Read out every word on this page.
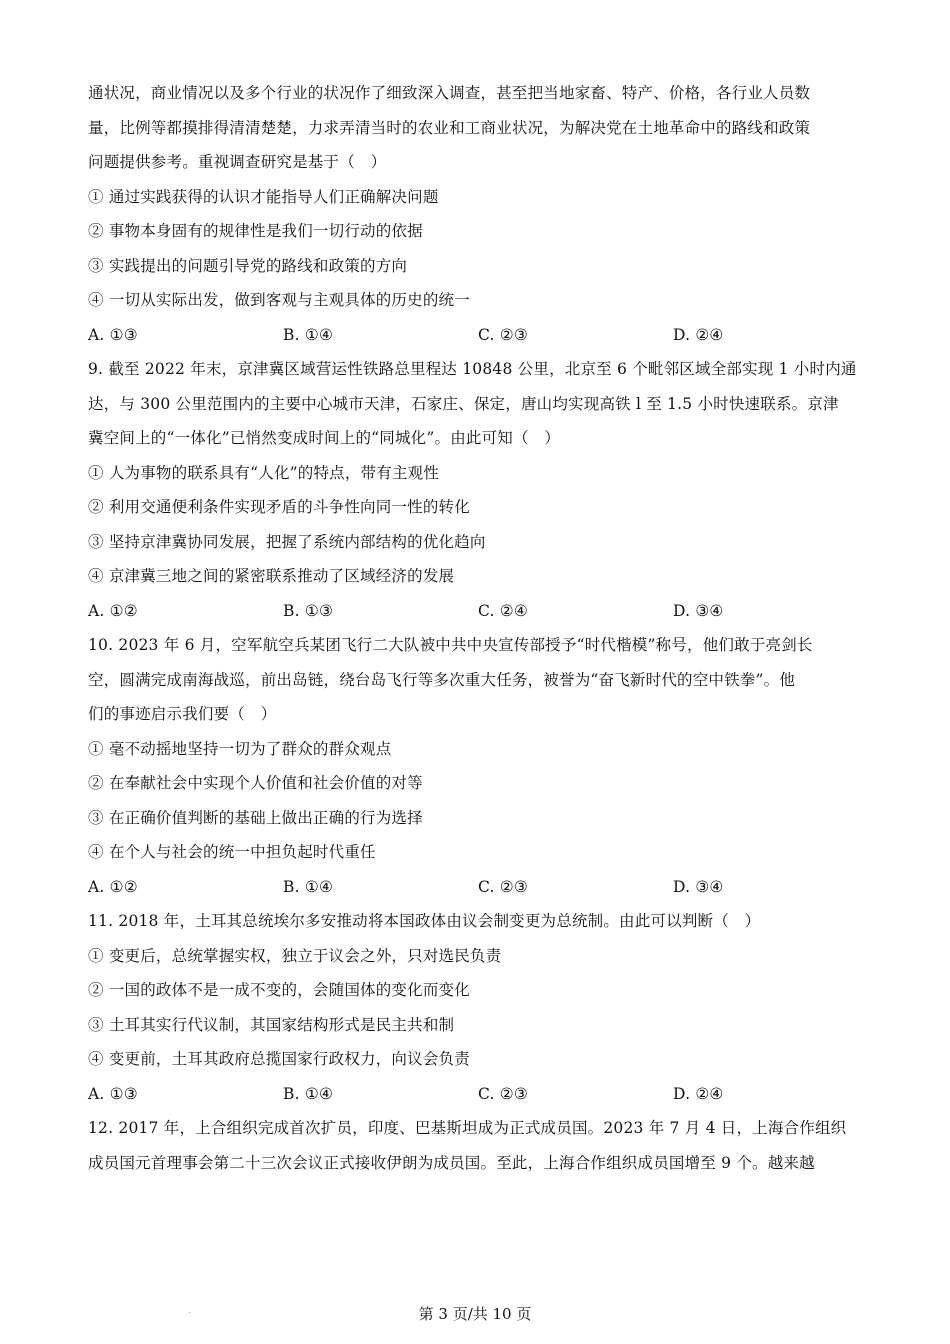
通状况，商业情况以及多个行业的状况作了细致深入调查，甚至把当地家畜、特产、价格，各行业人员数
量，比例等都摸排得清清楚楚，力求弄清当时的农业和工商业状况，为解决党在土地革命中的路线和政策
问题提供参考。重视调查研究是基于（　）
① 通过实践获得的认识才能指导人们正确解决问题
② 事物本身固有的规律性是我们一切行动的依据
③ 实践提出的问题引导党的路线和政策的方向
④ 一切从实际出发，做到客观与主观具体的历史的统一
A. ①③	B. ①④	C. ②③	D. ②④
9. 截至 2022 年末，京津冀区域营运性铁路总里程达 10848 公里，北京至 6 个毗邻区域全部实现 1 小时内通
达，与 300 公里范围内的主要中心城市天津，石家庄、保定，唐山均实现高铁 l 至 1.5 小时快速联系。京津
冀空间上的“一体化”已悄然变成时间上的“同城化”。由此可知（　）
① 人为事物的联系具有“人化”的特点，带有主观性
② 利用交通便利条件实现矛盾的斗争性向同一性的转化
③ 坚持京津冀协同发展，把握了系统内部结构的优化趋向
④ 京津冀三地之间的紧密联系推动了区域经济的发展
A. ①②	B. ①③	C. ②④	D. ③④
10. 2023 年 6 月，空军航空兵某团飞行二大队被中共中央宣传部授予“时代楷模”称号，他们敢于亮剑长
空，圆满完成南海战巡，前出岛链，绕台岛飞行等多次重大任务，被誉为“奋飞新时代的空中铁拳”。他
们的事迹启示我们要（　）
① 毫不动摇地坚持一切为了群众的群众观点
② 在奉献社会中实现个人价值和社会价值的对等
③ 在正确价值判断的基础上做出正确的行为选择
④ 在个人与社会的统一中担负起时代重任
A. ①②	B. ①④	C. ②③	D. ③④
11. 2018 年，土耳其总统埃尔多安推动将本国政体由议会制变更为总统制。由此可以判断（　）
① 变更后，总统掌握实权，独立于议会之外，只对选民负责
② 一国的政体不是一成不变的，会随国体的变化而变化
③ 土耳其实行代议制，其国家结构形式是民主共和制
④ 变更前，土耳其政府总揽国家行政权力，向议会负责
A. ①③	B. ①④	C. ②③	D. ②④
12. 2017 年，上合组织完成首次扩员，印度、巴基斯坦成为正式成员国。2023 年 7 月 4 日，上海合作组织
成员国元首理事会第二十三次会议正式接收伊朗为成员国。至此，上海合作组织成员国增至 9 个。越来越
.	第 3 页/共 10 页
